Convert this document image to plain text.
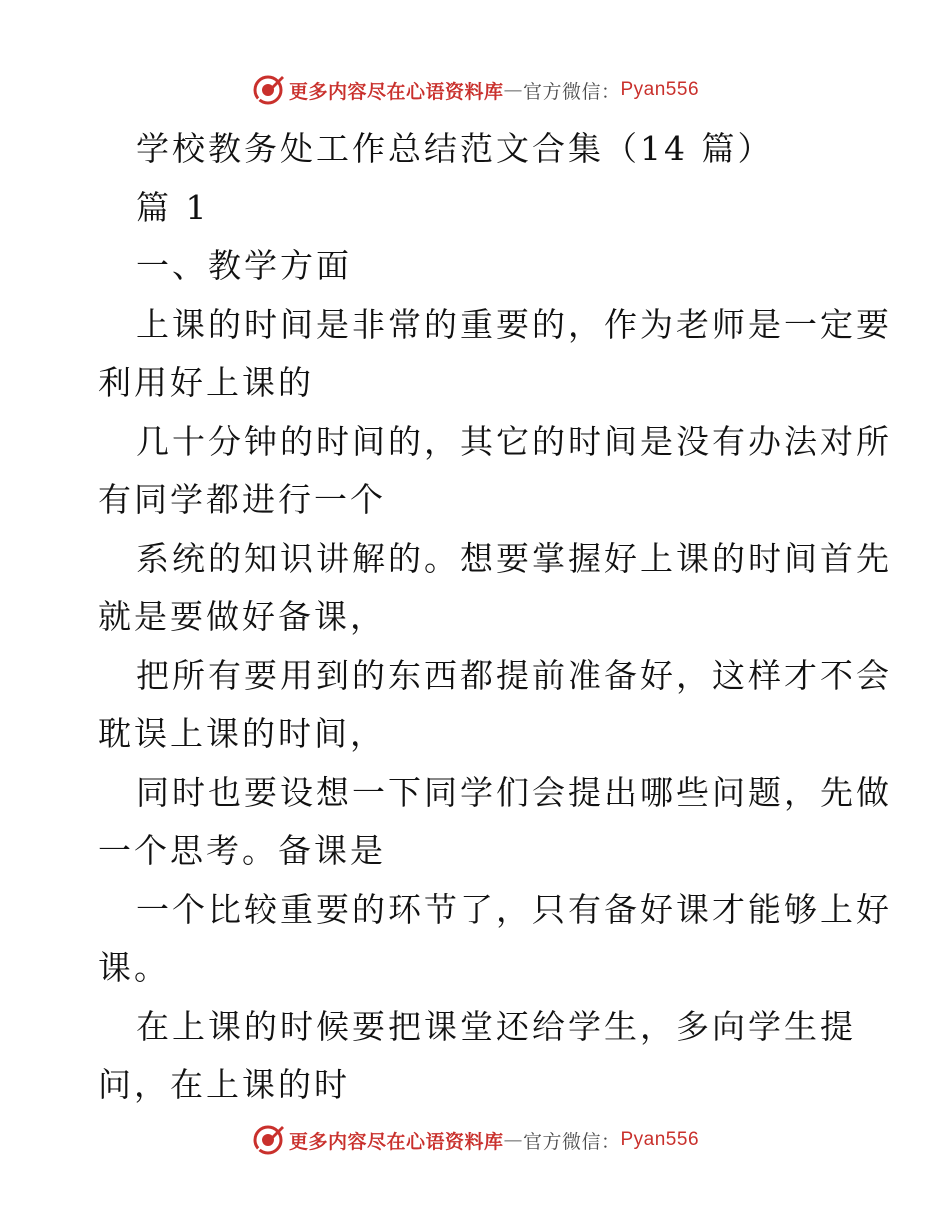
更多内容尽在心语资料库 — 官方微信： Pyan556
学校教务处工作总结范文合集（14 篇）
篇 1
一、教学方面
上课的时间是非常的重要的，作为老师是一定要
利用好上课的
几十分钟的时间的，其它的时间是没有办法对所
有同学都进行一个
系统的知识讲解的。想要掌握好上课的时间首先
就是要做好备课，
把所有要用到的东西都提前准备好，这样才不会
耽误上课的时间，
同时也要设想一下同学们会提出哪些问题，先做
一个思考。备课是
一个比较重要的环节了，只有备好课才能够上好
课。
在上课的时候要把课堂还给学生，多向学生提
问，在上课的时
更多内容尽在心语资料库 — 官方微信： Pyan556
